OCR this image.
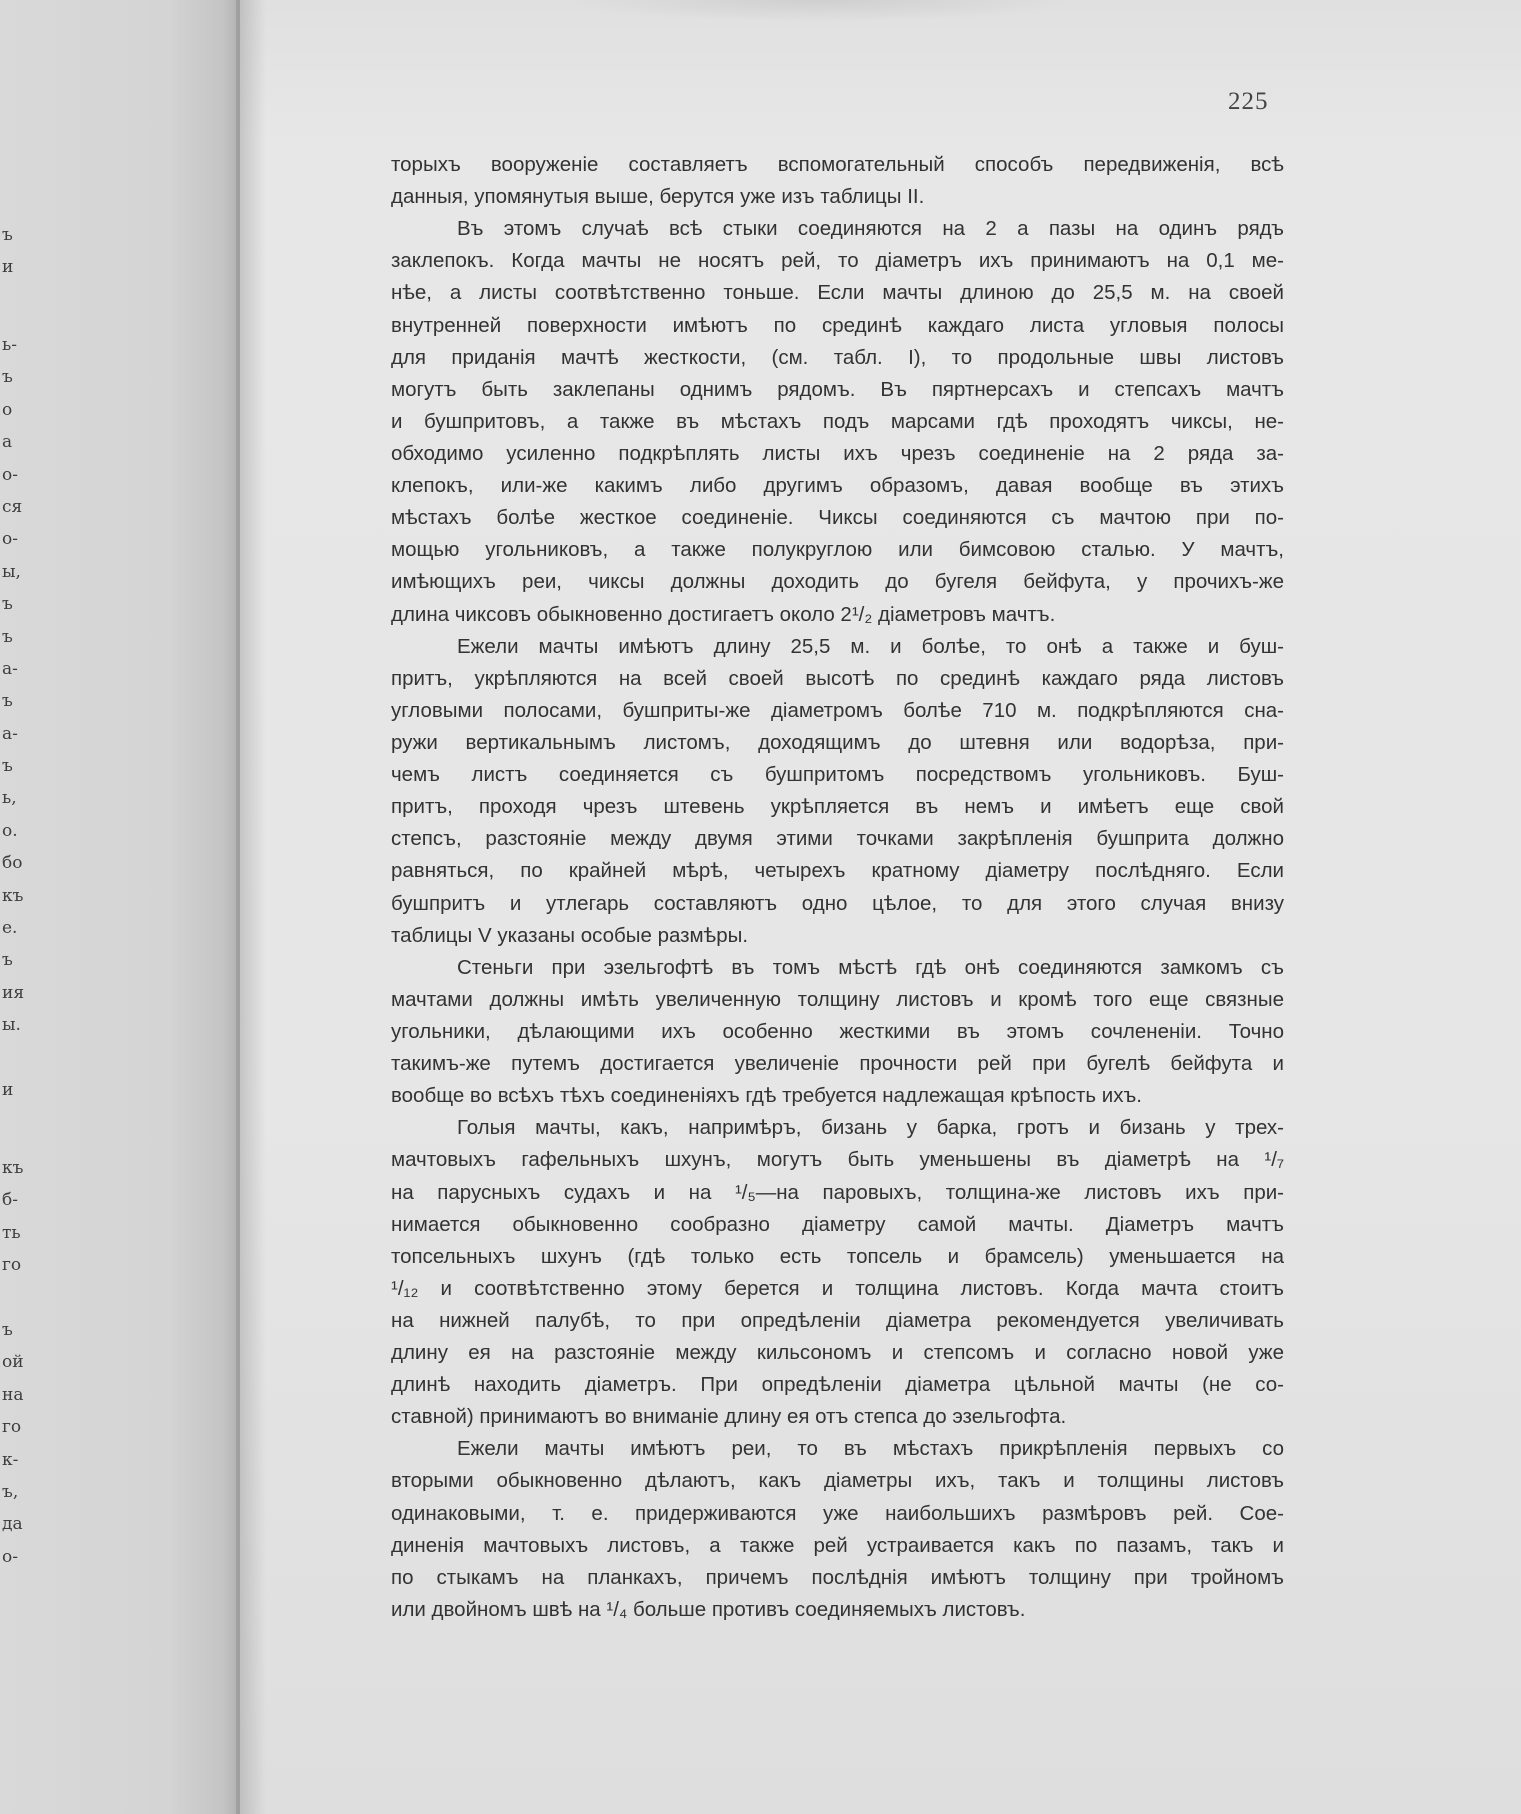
ъ
и
ь-
ъ
о
а
о-
ся
о-
ы,
ъ
ъ
а-
ъ
а-
ъ
ь,
о.
бо
къ
е.
ъ
ия
ы.
и
къ
б-
ть
го
ъ
ой
на
го
к-
ъ,
да
о-
225
торыхъ вооруженіе составляетъ вспомогательный способъ передвиженія, всѣ
данныя, упомянутыя выше, берутся уже изъ таблицы II.
Въ этомъ случаѣ всѣ стыки соединяются на 2 а пазы на одинъ рядъ
заклепокъ. Когда мачты не носятъ рей, то діаметръ ихъ принимаютъ на 0,1 ме-
нѣе, а листы соотвѣтственно тоньше. Если мачты длиною до 25,5 м. на своей
внутренней поверхности имѣютъ по срединѣ каждаго листа угловыя полосы
для приданія мачтѣ жесткости, (см. табл. I), то продольные швы листовъ
могутъ быть заклепаны однимъ рядомъ. Въ пяртнерсахъ и степсахъ мачтъ
и бушпритовъ, а также въ мѣстахъ подъ марсами гдѣ проходятъ чиксы, не-
обходимо усиленно подкрѣплять листы ихъ чрезъ соединеніе на 2 ряда за-
клепокъ, или-же какимъ либо другимъ образомъ, давая вообще въ этихъ
мѣстахъ болѣе жесткое соединеніе. Чиксы соединяются съ мачтою при по-
мощью угольниковъ, а также полукруглою или бимсовою сталью. У мачтъ,
имѣющихъ реи, чиксы должны доходить до бугеля бейфута, у прочихъ-же
длина чиксовъ обыкновенно достигаетъ около 2¹/₂ діаметровъ мачтъ.
Ежели мачты имѣютъ длину 25,5 м. и болѣе, то онѣ а также и буш-
притъ, укрѣпляются на всей своей высотѣ по срединѣ каждаго ряда листовъ
угловыми полосами, бушприты-же діаметромъ болѣе 710 м. подкрѣпляются сна-
ружи вертикальнымъ листомъ, доходящимъ до штевня или водорѣза, при-
чемъ листъ соединяется съ бушпритомъ посредствомъ угольниковъ. Буш-
притъ, проходя чрезъ штевень укрѣпляется въ немъ и имѣетъ еще свой
степсъ, разстояніе между двумя этими точками закрѣпленія бушприта должно
равняться, по крайней мѣрѣ, четырехъ кратному діаметру послѣдняго. Если
бушпритъ и утлегарь составляютъ одно цѣлое, то для этого случая внизу
таблицы V указаны особые размѣры.
Стеньги при эзельгофтѣ въ томъ мѣстѣ гдѣ онѣ соединяются замкомъ съ
мачтами должны имѣть увеличенную толщину листовъ и кромѣ того еще связные
угольники, дѣлающими ихъ особенно жесткими въ этомъ сочлененіи. Точно
такимъ-же путемъ достигается увеличеніе прочности рей при бугелѣ бейфута и
вообще во всѣхъ тѣхъ соединеніяхъ гдѣ требуется надлежащая крѣпость ихъ.
Голыя мачты, какъ, напримѣръ, бизань у барка, гротъ и бизань у трех-
мачтовыхъ гафельныхъ шхунъ, могутъ быть уменьшены въ діаметрѣ на ¹/₇
на парусныхъ судахъ и на ¹/₅—на паровыхъ, толщина-же листовъ ихъ при-
нимается обыкновенно сообразно діаметру самой мачты. Діаметръ мачтъ
топсельныхъ шхунъ (гдѣ только есть топсель и брамсель) уменьшается на
¹/₁₂ и соотвѣтственно этому берется и толщина листовъ. Когда мачта стоитъ
на нижней палубѣ, то при опредѣленіи діаметра рекомендуется увеличивать
длину ея на разстояніе между кильсономъ и степсомъ и согласно новой уже
длинѣ находить діаметръ. При опредѣленіи діаметра цѣльной мачты (не со-
ставной) принимаютъ во вниманіе длину ея отъ степса до эзельгофта.
Ежели мачты имѣютъ реи, то въ мѣстахъ прикрѣпленія первыхъ со
вторыми обыкновенно дѣлаютъ, какъ діаметры ихъ, такъ и толщины листовъ
одинаковыми, т. е. придерживаются уже наибольшихъ размѣровъ рей. Сое-
диненія мачтовыхъ листовъ, а также рей устраивается какъ по пазамъ, такъ и
по стыкамъ на планкахъ, причемъ послѣднія имѣютъ толщину при тройномъ
или двойномъ швѣ на ¹/₄ больше противъ соединяемыхъ листовъ.
